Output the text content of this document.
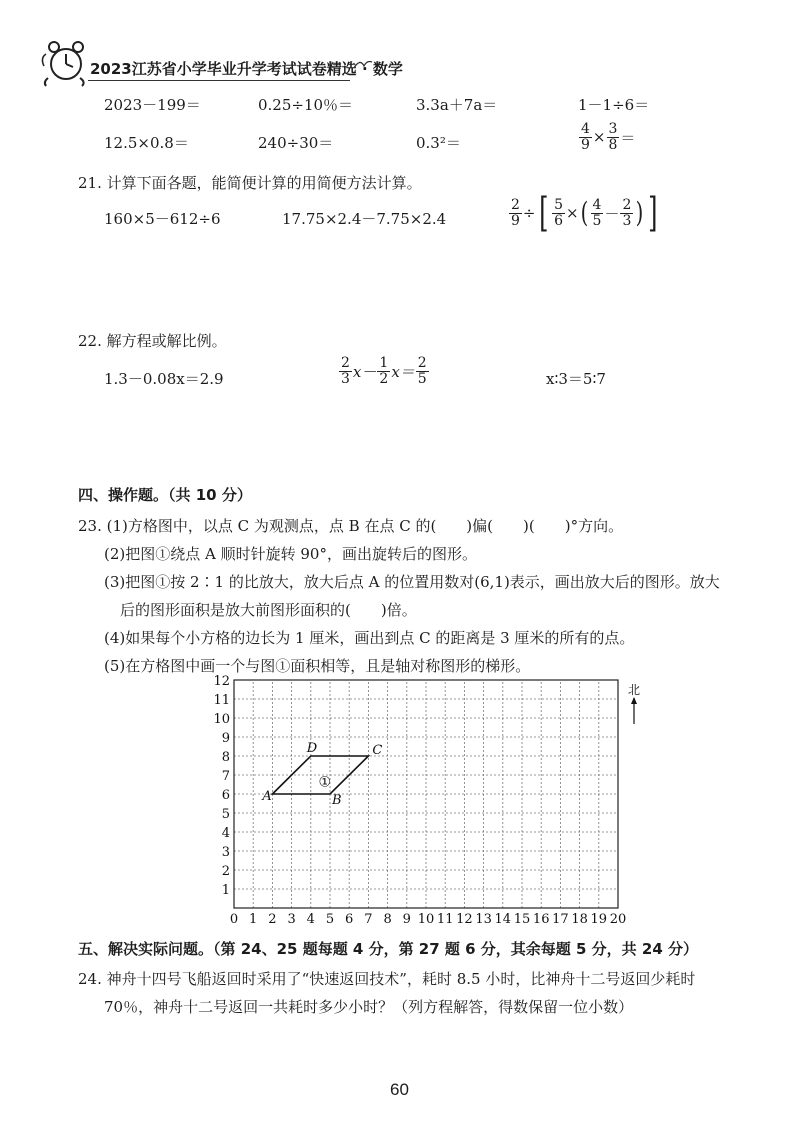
2023江苏省小学毕业升学考试试卷精选 · 数学
2023－199＝	0.25÷10％＝	3.3a＋7a＝	1－1÷6＝
12.5×0.8＝	240÷30＝	0.3²＝	$\frac{4}{9} \times \frac{3}{8}$ ＝
21. 计算下面各题，能简便计算的用简便方法计算。
160×5－612÷6	17.75×2.4－7.75×2.4	$\frac{2}{9}$ ÷ [ $\frac{5}{6}$ × ( $\frac{4}{5} - \frac{2}{3}$ ) ]
22. 解方程或解比例。
1.3－0.08x＝2.9	$\frac{2}{3} x- \frac{1}{2} x= \frac{2}{5}$	x∶3＝5∶7
四、操作题。（共 10 分）
23. (1)方格图中，以点 C 为观测点，点 B 在点 C 的(　　)偏(　　)(　　)°方向。
(2)把图①绕点 A 顺时针旋转 90°，画出旋转后的图形。
(3)把图①按 2∶1 的比放大，放大后点 A 的位置用数对(6,1)表示，画出放大后的图形。放大
后的图形面积是放大前图形面积的(　　)倍。
(4)如果每个小方格的边长为 1 厘米，画出到点 C 的距离是 3 厘米的所有的点。
(5)在方格图中画一个与图①面积相等，且是轴对称图形的梯形。
0 1 2 3 4 5 6 7 8 9 10 11 12 13 14 15 16 17 18 19 20
1
2
3
4
5
6
7
8
9
10
11
12
A	B
C
D
①
北
五、解决实际问题。（第 24、25 题每题 4 分，第 27 题 6 分，其余每题 5 分，共 24 分）
24. 神舟十四号飞船返回时采用了“快速返回技术”，耗时 8.5 小时，比神舟十二号返回少耗时
70％，神舟十二号返回一共耗时多少小时？（列方程解答，得数保留一位小数）
60
